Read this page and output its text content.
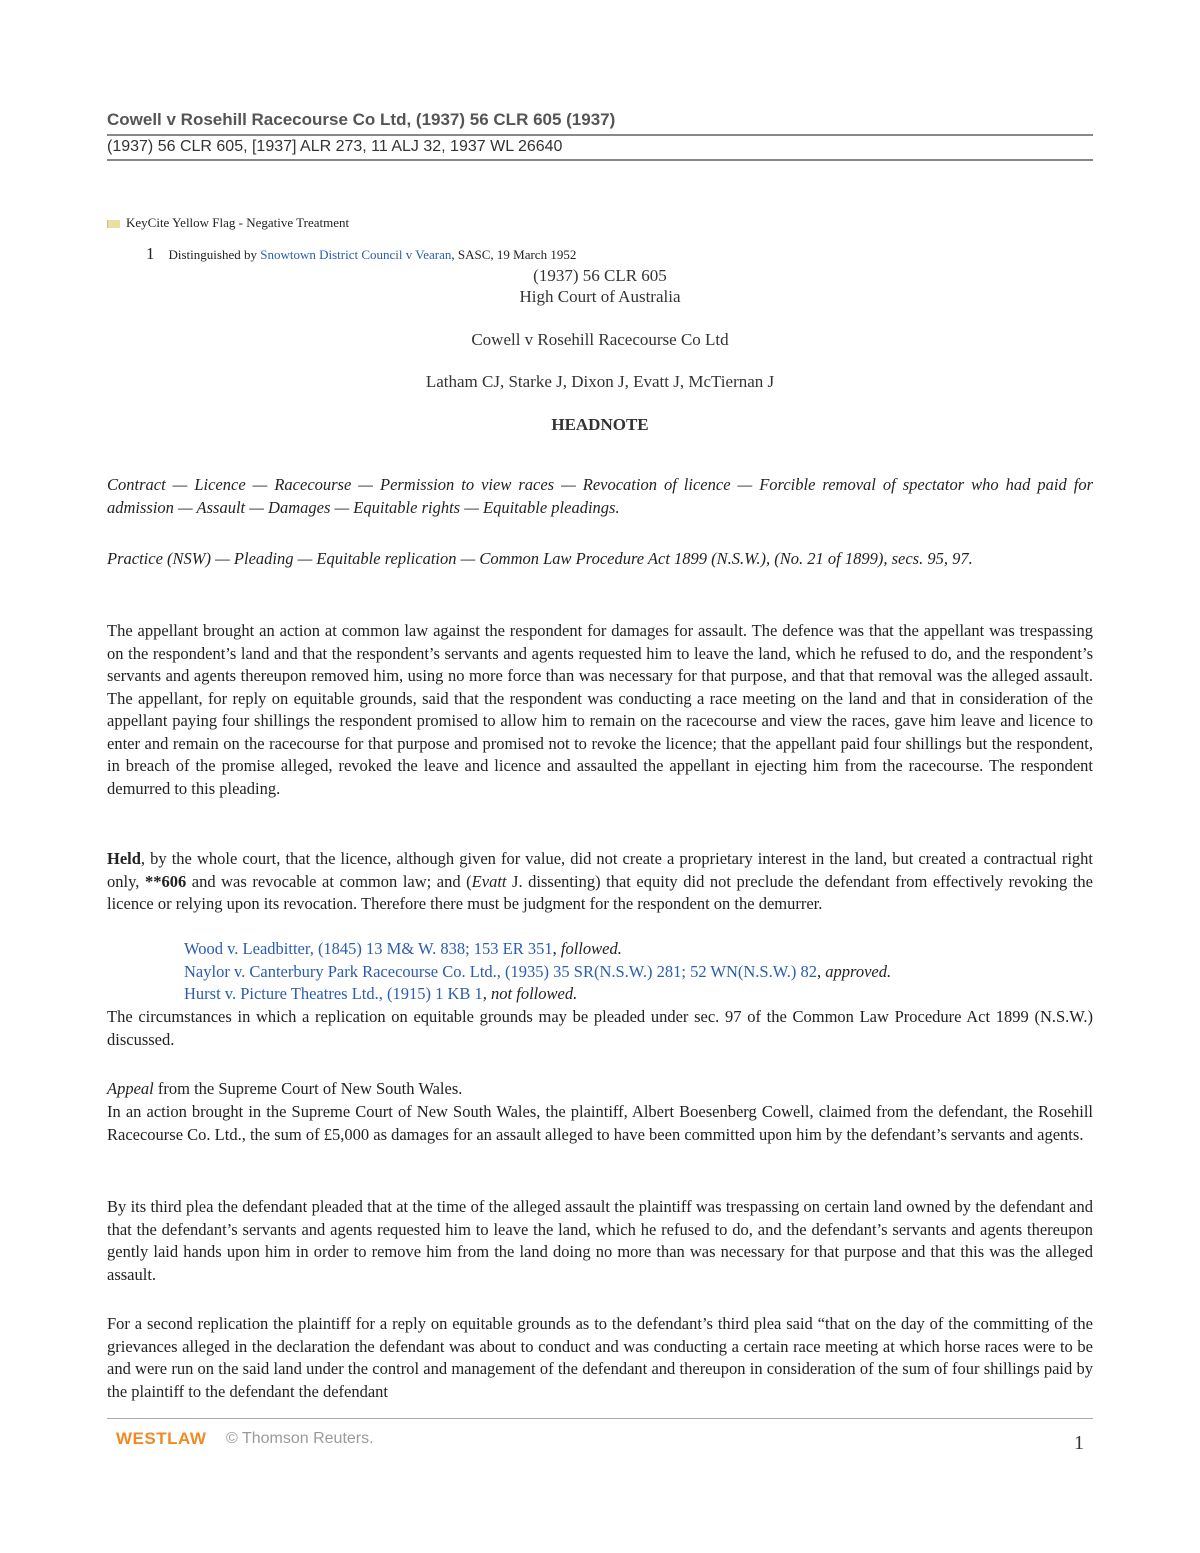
Cowell v Rosehill Racecourse Co Ltd, (1937) 56 CLR 605 (1937)
(1937) 56 CLR 605, [1937] ALR 273, 11 ALJ 32, 1937 WL 26640
KeyCite Yellow Flag - Negative Treatment
1 Distinguished by Snowtown District Council v Vearan, SASC, 19 March 1952
(1937) 56 CLR 605
High Court of Australia
Cowell v Rosehill Racecourse Co Ltd
Latham CJ, Starke J, Dixon J, Evatt J, McTiernan J
HEADNOTE

Contract — Licence — Racecourse — Permission to view races — Revocation of licence — Forcible removal of spectator who had paid for admission — Assault — Damages — Equitable rights — Equitable pleadings.

Practice (NSW) — Pleading — Equitable replication — Common Law Procedure Act 1899 (N.S.W.), (No. 21 of 1899), secs. 95, 97.

The appellant brought an action at common law against the respondent for damages for assault. The defence was that the appellant was trespassing on the respondent’s land and that the respondent’s servants and agents requested him to leave the land, which he refused to do, and the respondent’s servants and agents thereupon removed him, using no more force than was necessary for that purpose, and that that removal was the alleged assault. The appellant, for reply on equitable grounds, said that the respondent was conducting a race meeting on the land and that in consideration of the appellant paying four shillings the respondent promised to allow him to remain on the racecourse and view the races, gave him leave and licence to enter and remain on the racecourse for that purpose and promised not to revoke the licence; that the appellant paid four shillings but the respondent, in breach of the promise alleged, revoked the leave and licence and assaulted the appellant in ejecting him from the racecourse. The respondent demurred to this pleading.

Held, by the whole court, that the licence, although given for value, did not create a proprietary interest in the land, but created a contractual right only, **606 and was revocable at common law; and (Evatt J. dissenting) that equity did not preclude the defendant from effectively revoking the licence or relying upon its revocation. Therefore there must be judgment for the respondent on the demurrer.

Wood v. Leadbitter, (1845) 13 M& W. 838; 153 ER 351, followed.
Naylor v. Canterbury Park Racecourse Co. Ltd., (1935) 35 SR(N.S.W.) 281; 52 WN(N.S.W.) 82, approved.
Hurst v. Picture Theatres Ltd., (1915) 1 KB 1, not followed.

The circumstances in which a replication on equitable grounds may be pleaded under sec. 97 of the Common Law Procedure Act 1899 (N.S.W.) discussed.

Appeal from the Supreme Court of New South Wales.

In an action brought in the Supreme Court of New South Wales, the plaintiff, Albert Boesenberg Cowell, claimed from the defendant, the Rosehill Racecourse Co. Ltd., the sum of £5,000 as damages for an assault alleged to have been committed upon him by the defendant’s servants and agents.

By its third plea the defendant pleaded that at the time of the alleged assault the plaintiff was trespassing on certain land owned by the defendant and that the defendant’s servants and agents requested him to leave the land, which he refused to do, and the defendant’s servants and agents thereupon gently laid hands upon him in order to remove him from the land doing no more than was necessary for that purpose and that this was the alleged assault.

For a second replication the plaintiff for a reply on equitable grounds as to the defendant’s third plea said “that on the day of the committing of the grievances alleged in the declaration the defendant was about to conduct and was conducting a certain race meeting at which horse races were to be and were run on the said land under the control and management of the defendant and thereupon in consideration of the sum of four shillings paid by the plaintiff to the defendant the defendant

WESTLAW © Thomson Reuters.	1
